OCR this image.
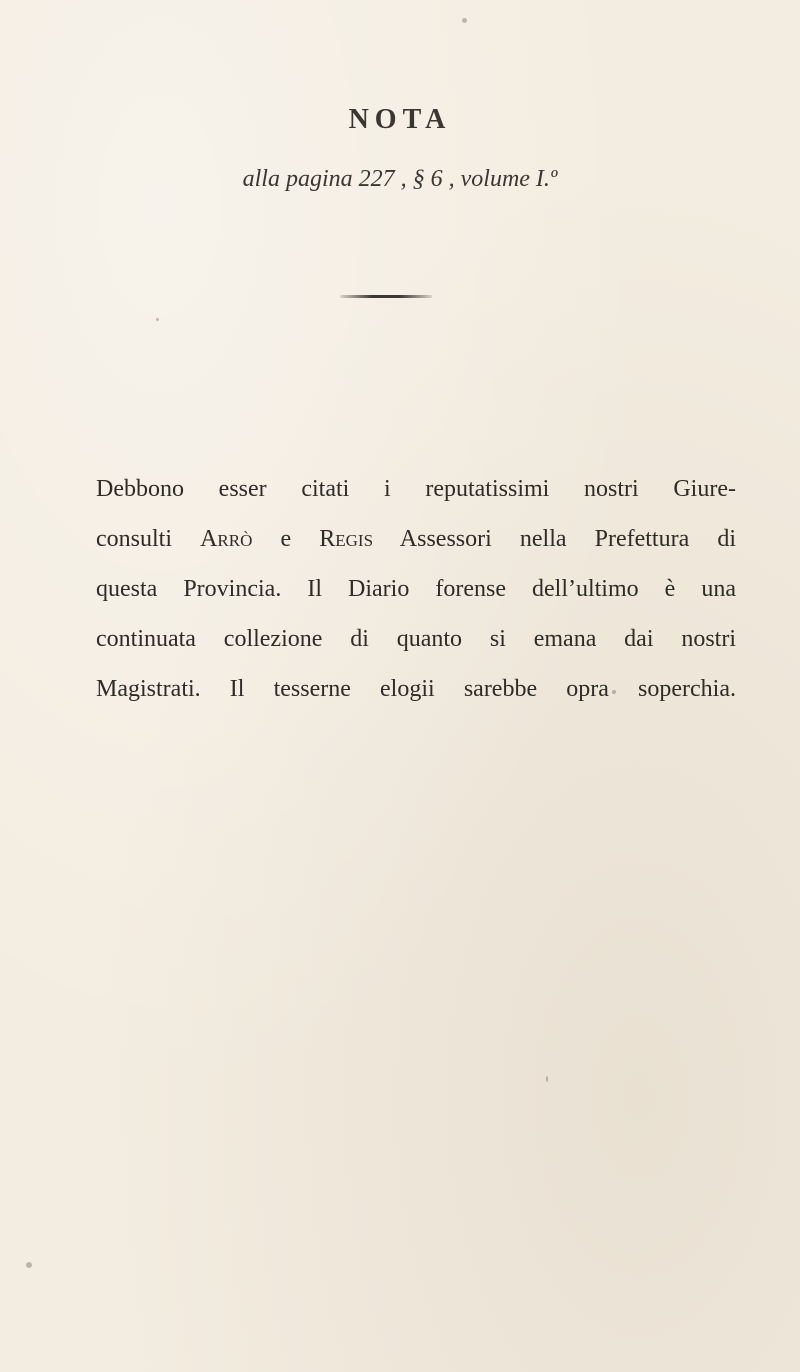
NOTA
alla pagina 227 , § 6 , volume I.º
Debbono esser citati i reputatissimi nostri Giure-
consulti Arrò e Regis Assessori nella Prefettura di
questa Provincia. Il Diario forense dell’ultimo è una
continuata collezione di quanto si emana dai nostri
Magistrati. Il tesserne elogii sarebbe opra soperchia.
